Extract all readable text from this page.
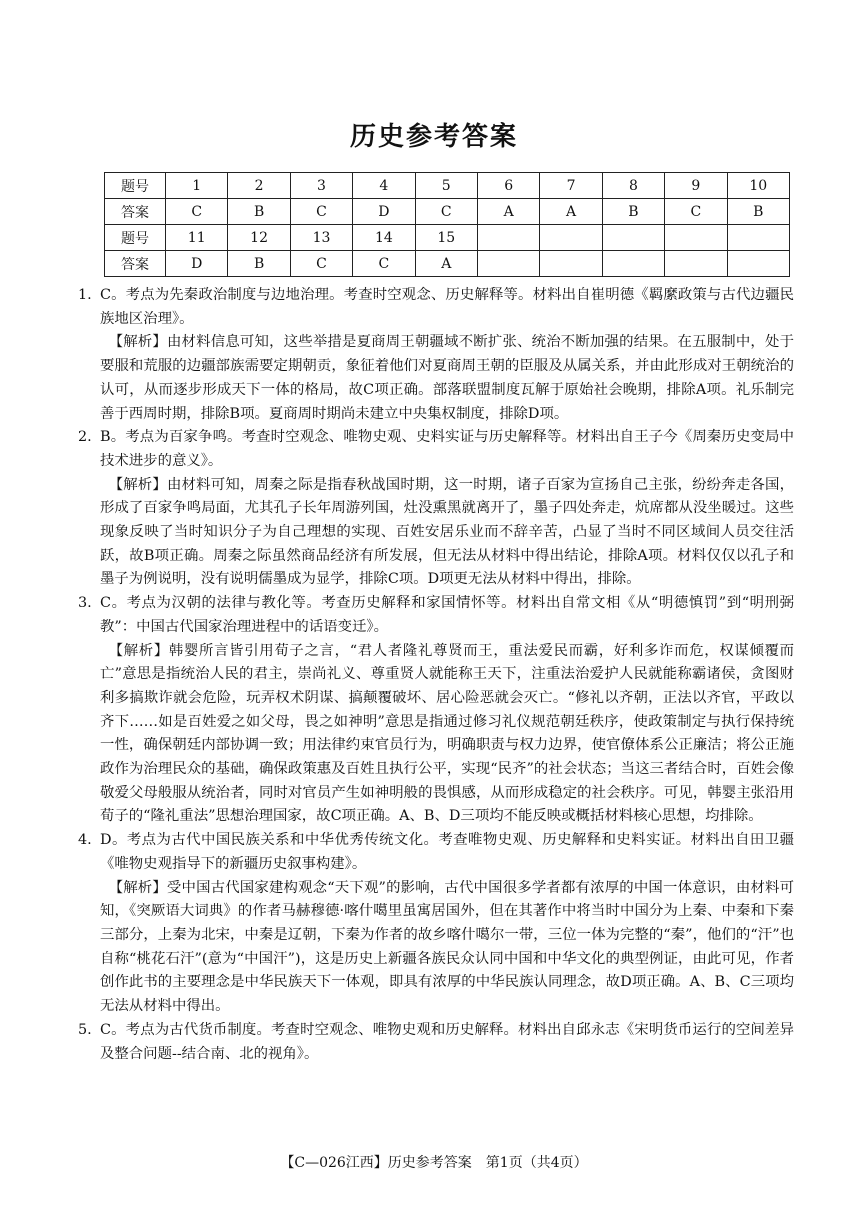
历史参考答案
题号	1	2	3	4	5	6	7	8	9	10
答案	C	B	C	D	C	A	A	B	C	B
题号	11	12	13	14	15					
答案	D	B	C	C	A					
1. C。考点为先秦政治制度与边地治理。考查时空观念、历史解释等。材料出自崔明德《羁縻政策与古代边疆民族地区治理》。
【解析】由材料信息可知，这些举措是夏商周王朝疆域不断扩张、统治不断加强的结果。在五服制中，处于要服和荒服的边疆部族需要定期朝贡，象征着他们对夏商周王朝的臣服及从属关系，并由此形成对王朝统治的认可，从而逐步形成天下一体的格局，故C项正确。部落联盟制度瓦解于原始社会晚期，排除A项。礼乐制完善于西周时期，排除B项。夏商周时期尚未建立中央集权制度，排除D项。
2. B。考点为百家争鸣。考查时空观念、唯物史观、史料实证与历史解释等。材料出自王子今《周秦历史变局中技术进步的意义》。
【解析】由材料可知，周秦之际是指春秋战国时期，这一时期，诸子百家为宣扬自己主张，纷纷奔走各国，形成了百家争鸣局面，尤其孔子长年周游列国，灶没熏黑就离开了，墨子四处奔走，炕席都从没坐暖过。这些现象反映了当时知识分子为自己理想的实现、百姓安居乐业而不辞辛苦，凸显了当时不同区域间人员交往活跃，故B项正确。周秦之际虽然商品经济有所发展，但无法从材料中得出结论，排除A项。材料仅仅以孔子和墨子为例说明，没有说明儒墨成为显学，排除C项。D项更无法从材料中得出，排除。
3. C。考点为汉朝的法律与教化等。考查历史解释和家国情怀等。材料出自常文相《从“明德慎罚”到“明刑弼教”：中国古代国家治理进程中的话语变迁》。
【解析】韩婴所言皆引用荀子之言，“君人者隆礼尊贤而王，重法爱民而霸，好利多诈而危，权谋倾覆而亡”意思是指统治人民的君主，崇尚礼义、尊重贤人就能称王天下，注重法治爱护人民就能称霸诸侯，贪图财利多搞欺诈就会危险，玩弄权术阴谋、搞颠覆破坏、居心险恶就会灭亡。“修礼以齐朝，正法以齐官，平政以齐下……如是百姓爱之如父母，畏之如神明”意思是指通过修习礼仪规范朝廷秩序，使政策制定与执行保持统一性，确保朝廷内部协调一致；用法律约束官员行为，明确职责与权力边界，使官僚体系公正廉洁；将公正施政作为治理民众的基础，确保政策惠及百姓且执行公平，实现“民齐”的社会状态；当这三者结合时，百姓会像敬爱父母般服从统治者，同时对官员产生如神明般的畏惧感，从而形成稳定的社会秩序。可见，韩婴主张沿用荀子的“隆礼重法”思想治理国家，故C项正确。A、B、D三项均不能反映或概括材料核心思想，均排除。
4. D。考点为古代中国民族关系和中华优秀传统文化。考查唯物史观、历史解释和史料实证。材料出自田卫疆《唯物史观指导下的新疆历史叙事构建》。
【解析】受中国古代国家建构观念“天下观”的影响，古代中国很多学者都有浓厚的中国一体意识，由材料可知，《突厥语大词典》的作者马赫穆德·喀什噶里虽寓居国外，但在其著作中将当时中国分为上秦、中秦和下秦三部分，上秦为北宋，中秦是辽朝，下秦为作者的故乡喀什噶尔一带，三位一体为完整的“秦”，他们的“汗”也自称“桃花石汗”(意为“中国汗”)，这是历史上新疆各族民众认同中国和中华文化的典型例证，由此可见，作者创作此书的主要理念是中华民族天下一体观，即具有浓厚的中华民族认同理念，故D项正确。A、B、C三项均无法从材料中得出。
5. C。考点为古代货币制度。考查时空观念、唯物史观和历史解释。材料出自邱永志《宋明货币运行的空间差异及整合问题--结合南、北的视角》。
【C—026江西】历史参考答案　第1页（共4页）
